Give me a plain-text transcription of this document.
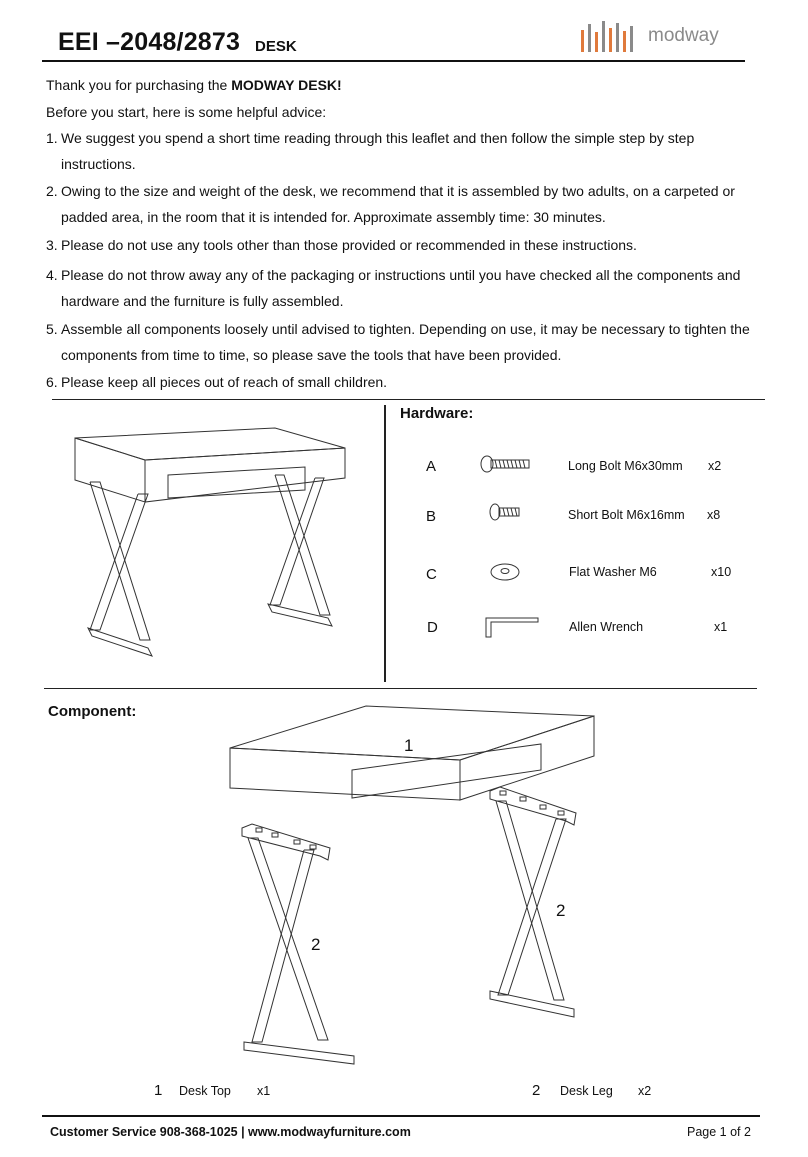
EEI –2048/2873 DESK
modway
Thank you for purchasing the MODWAY DESK!
Before you start, here is some helpful advice:
1. We suggest you spend a short time reading through this leaflet and then follow the simple step by step
instructions.
2. Owing to the size and weight of the desk, we recommend that it is assembled by two adults, on a carpeted or
padded area, in the room that it is intended for. Approximate assembly time: 30 minutes.
3. Please do not use any tools other than those provided or recommended in these instructions.
4. Please do not throw away any of the packaging or instructions until you have checked all the components and
hardware and the furniture is fully assembled.
5. Assemble all components loosely until advised to tighten. Depending on use, it may be necessary to tighten the
components from time to time, so please save the tools that have been provided.
6. Please keep all pieces out of reach of small children.
Hardware:
A	Long Bolt M6x30mm x2
B	Short Bolt M6x16mm x8
C	Flat Washer M6	x10
D	Allen Wrench	x1
Component:
1
2
2
1 Desk Top x1	2 Desk Leg x2
Customer Service 908-368-1025 | www.modwayfurniture.com	Page 1 of 2
